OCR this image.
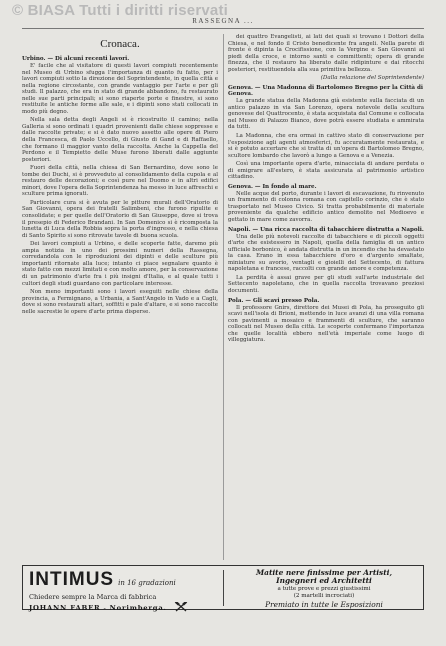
© BIASA Tutti i diritti riservati
RASSEGNA ...
Cronaca.
Urbino. — Di alcuni recenti lavori.
E' facile che al visitatore di questi lavori compiuti recentemente nel Museo di Urbino sfugga l'importanza di quanto fu fatto, per i lavori compiuti sotto la direzione del Soprintendente, in quella città e nella regione circostante, con grande vantaggio per l'arte e per gli studi. Il palazzo, che era in stato di grande abbandono, fu restaurato nelle sue parti principali; si sono riaperte porte e finestre, si sono restituite le antiche forme alle sale, e i dipinti sono stati collocati in modo più degno.
Nella sala detta degli Angeli si è ricostruito il camino; nella Galleria si sono ordinati i quadri provenienti dalle chiese soppresse e dalle raccolte private; e si è dato nuovo assetto alle opere di Piero della Francesca, di Paolo Uccello, di Giusto di Gand e di Raffaello, che formano il maggior vanto della raccolta. Anche la Cappella del Perdono e il Tempietto delle Muse furono liberati dalle aggiunte posteriori.
Fuori della città, nella chiesa di San Bernardino, dove sono le tombe dei Duchi, si è provveduto al consolidamento della cupola e al restauro delle decorazioni; e così pure nel Duomo e in altri edifici minori, dove l'opera della Soprintendenza ha messo in luce affreschi e sculture prima ignorati.
Particolare cura si è avuta per le pitture murali dell'Oratorio di San Giovanni, opera dei fratelli Salimbeni, che furono ripulite e consolidate; e per quelle dell'Oratorio di San Giuseppe, dove si trova il presepio di Federico Brandani. In San Domenico si è ricomposta la lunetta di Luca della Robbia sopra la porta d'ingresso, e nella chiesa di Santo Spirito si sono ritrovate tavole di buona scuola.
Dei lavori compiuti a Urbino, e delle scoperte fatte, daremo più ampia notizia in uno dei prossimi numeri della Rassegna, corredandola con le riproduzioni dei dipinti e delle sculture più importanti ritornate alla luce; intanto ci piace segnalare quanto è stato fatto con mezzi limitati e con molto amore, per la conservazione di un patrimonio d'arte fra i più insigni d'Italia, e al quale tutti i cultori degli studi guardano con particolare interesse.
Non meno importanti sono i lavori eseguiti nelle chiese della provincia, a Fermignano, a Urbania, a Sant'Angelo in Vado e a Cagli, dove si sono restaurati altari, soffitti e pale d'altare, e si sono raccolte nelle sacrestie le opere d'arte prima disperse.
dei quattro Evangelisti, ai lati dei quali si trovano i Dottori della Chiesa, e nel fondo il Cristo benedicente fra angeli. Nella parete di fronte è dipinta la Crocifissione, con la Vergine e San Giovanni ai piedi della croce, e intorno santi e committenti; opera di grande finezza, che il restauro ha liberato dalle ridipinture e dai ritocchi posteriori, restituendola alla sua primitiva bellezza.
(Dalla relazione del Soprintendente)
Genova. — Una Madonna di Bartolomeo Bregno per la Città di Genova.
La grande statua della Madonna già esistente sulla facciata di un antico palazzo in via San Lorenzo, opera notevole della scultura genovese del Quattrocento, è stata acquistata dal Comune e collocata nel Museo di Palazzo Bianco, dove potrà essere studiata e ammirata da tutti.
La Madonna, che era ormai in cattivo stato di conservazione per l'esposizione agli agenti atmosferici, fu accuratamente restaurata, e si è potuto accertare che si tratta di un'opera di Bartolomeo Bregno, scultore lombardo che lavorò a lungo a Genova e a Venezia.
Così una importante opera d'arte, minacciata di andare perduta o di emigrare all'estero, è stata assicurata al patrimonio artistico cittadino.
Genova. — In fondo al mare.
Nelle acque del porto, durante i lavori di escavazione, fu rinvenuto un frammento di colonna romana con capitello corinzio, che è stato trasportato nel Museo Civico. Si tratta probabilmente di materiale proveniente da qualche edificio antico demolito nel Medioevo e gettato in mare come zavorra.
Napoli. — Una ricca raccolta di tabacchiere distrutta a Napoli.
Una delle più notevoli raccolte di tabacchiere e di piccoli oggetti d'arte che esistessero in Napoli, quella della famiglia di un antico ufficiale borbonico, è andata distrutta in un incendio che ha devastato la casa. Erano in essa tabacchiere d'oro e d'argento smaltate, miniature su avorio, ventagli e gioielli del Settecento, di fattura napoletana e francese, raccolti con grande amore e competenza.
La perdita è assai grave per gli studi sull'arte industriale del Settecento napoletano, che in quella raccolta trovavano preziosi documenti.
Pola. — Gli scavi presso Pola.
Il professore Gnirs, direttore dei Musei di Pola, ha proseguito gli scavi nell'isola di Brioni, mettendo in luce avanzi di una villa romana con pavimenti a mosaico e frammenti di sculture, che saranno collocati nel Museo della città. Le scoperte confermano l'importanza che quelle località ebbero nell'età imperiale come luogo di villeggiatura.
INTIMUS in 16 gradazioni
Chiedere sempre la Marca di fabbrica
JOHANN FABER - Norimberga.
Matite nere finissime per Artisti,
Ingegneri ed Architetti
a tutte prove e prezzi giustissimi
(2 martelli incrociati)
Premiato in tutte le Esposizioni
